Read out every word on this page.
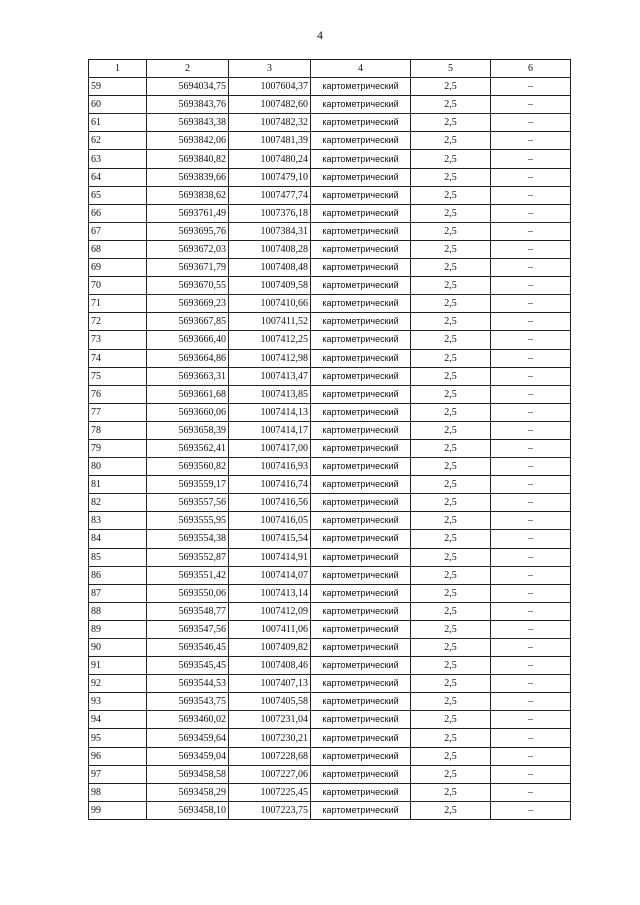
4
1	2	3	4	5	6
59	5694034,75	1007604,37	картометрический	2,5	–
60	5693843,76	1007482,60	картометрический	2,5	–
61	5693843,38	1007482,32	картометрический	2,5	–
62	5693842,06	1007481,39	картометрический	2,5	–
63	5693840,82	1007480,24	картометрический	2,5	–
64	5693839,66	1007479,10	картометрический	2,5	–
65	5693838,62	1007477,74	картометрический	2,5	–
66	5693761,49	1007376,18	картометрический	2,5	–
67	5693695,76	1007384,31	картометрический	2,5	–
68	5693672,03	1007408,28	картометрический	2,5	–
69	5693671,79	1007408,48	картометрический	2,5	–
70	5693670,55	1007409,58	картометрический	2,5	–
71	5693669,23	1007410,66	картометрический	2,5	–
72	5693667,85	1007411,52	картометрический	2,5	–
73	5693666,40	1007412,25	картометрический	2,5	–
74	5693664,86	1007412,98	картометрический	2,5	–
75	5693663,31	1007413,47	картометрический	2,5	–
76	5693661,68	1007413,85	картометрический	2,5	–
77	5693660,06	1007414,13	картометрический	2,5	–
78	5693658,39	1007414,17	картометрический	2,5	–
79	5693562,41	1007417,00	картометрический	2,5	–
80	5693560,82	1007416,93	картометрический	2,5	–
81	5693559,17	1007416,74	картометрический	2,5	–
82	5693557,56	1007416,56	картометрический	2,5	–
83	5693555,95	1007416,05	картометрический	2,5	–
84	5693554,38	1007415,54	картометрический	2,5	–
85	5693552,87	1007414,91	картометрический	2,5	–
86	5693551,42	1007414,07	картометрический	2,5	–
87	5693550,06	1007413,14	картометрический	2,5	–
88	5693548,77	1007412,09	картометрический	2,5	–
89	5693547,56	1007411,06	картометрический	2,5	–
90	5693546,45	1007409,82	картометрический	2,5	–
91	5693545,45	1007408,46	картометрический	2,5	–
92	5693544,53	1007407,13	картометрический	2,5	–
93	5693543,75	1007405,58	картометрический	2,5	–
94	5693460,02	1007231,04	картометрический	2,5	–
95	5693459,64	1007230,21	картометрический	2,5	–
96	5693459,04	1007228,68	картометрический	2,5	–
97	5693458,58	1007227,06	картометрический	2,5	–
98	5693458,29	1007225,45	картометрический	2,5	–
99	5693458,10	1007223,75	картометрический	2,5	–
